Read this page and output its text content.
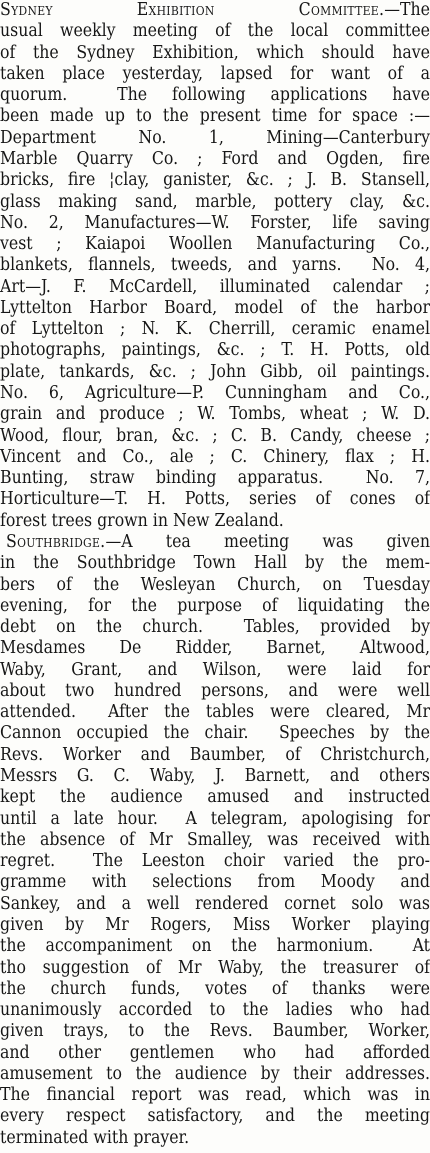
Sydney Exhibition Committee.—The
usual weekly meeting of the local committee
of the Sydney Exhibition, which should have
taken place yesterday, lapsed for want of a
quorum.  The following applications have
been made up to the present time for space :—
Department No. 1, Mining—Canterbury
Marble Quarry Co. ; Ford and Ogden, fire
bricks, fire ¦clay, ganister, &c. ; J. B. Stansell,
glass making sand, marble, pottery clay, &c.
No. 2, Manufactures—W. Forster, life saving
vest ; Kaiapoi Woollen Manufacturing Co.,
blankets, flannels, tweeds, and yarns.  No. 4,
Art—J. F. McCardell, illuminated calendar ;
Lyttelton Harbor Board, model of the harbor
of Lyttelton ; N. K. Cherrill, ceramic enamel
photographs, paintings, &c. ; T. H. Potts, old
plate, tankards, &c. ; John Gibb, oil paintings.
No. 6, Agriculture—P. Cunningham and Co.,
grain and produce ; W. Tombs, wheat ; W. D.
Wood, flour, bran, &c. ; C. B. Candy, cheese ;
Vincent and Co., ale ; C. Chinery, flax ; H.
Bunting, straw binding apparatus.  No. 7,
Horticulture—T. H. Potts, series of cones of
forest trees grown in New Zealand.
Southbridge.—A tea meeting was given
in the Southbridge Town Hall by the mem-
bers of the Wesleyan Church, on Tuesday
evening, for the purpose of liquidating the
debt on the church.  Tables, provided by
Mesdames De Ridder, Barnet, Altwood,
Waby, Grant, and Wilson, were laid for
about two hundred persons, and were well
attended.  After the tables were cleared, Mr
Cannon occupied the chair.  Speeches by the
Revs. Worker and Baumber, of Christchurch,
Messrs G. C. Waby, J. Barnett, and others
kept the audience amused and instructed
until a late hour.  A telegram, apologising for
the absence of Mr Smalley, was received with
regret.  The Leeston choir varied the pro-
gramme with selections from Moody and
Sankey, and a well rendered cornet solo was
given by Mr Rogers, Miss Worker playing
the accompaniment on the harmonium.  At
tho suggestion of Mr Waby, the treasurer of
the church funds, votes of thanks were
unanimously accorded to the ladies who had
given trays, to the Revs. Baumber, Worker,
and other gentlemen who had afforded
amusement to the audience by their addresses.
The financial report was read, which was in
every respect satisfactory, and the meeting
terminated with prayer.
